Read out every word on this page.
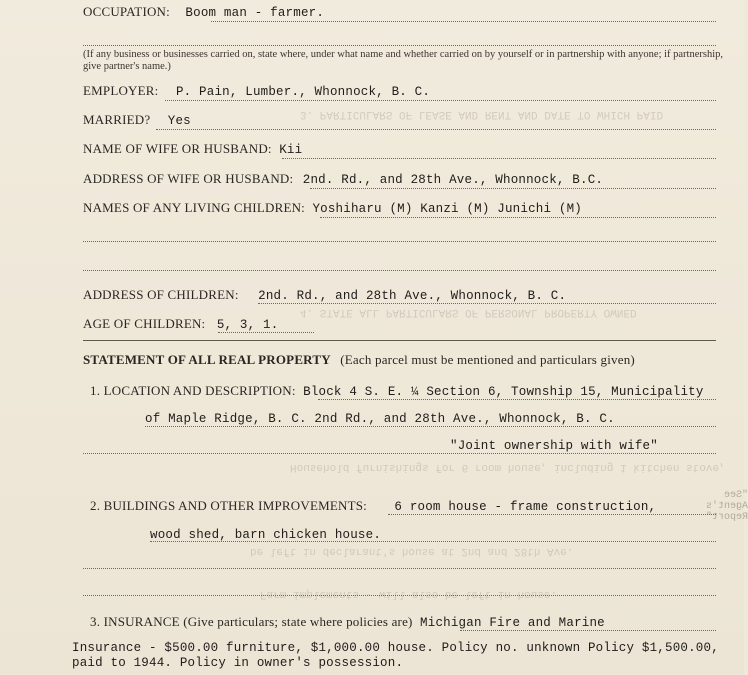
3. PARTICULARS OF LEASE AND RENT AND DATE TO WHICH PAID
4. STATE ALL PARTICULARS OF PERSONAL PROPERTY OWNED
Household furnishings for 6 room house, including 1 kitchen stove,
be left in declarant's house at 2nd and 28th Ave.
Farm implements - will also be left in house.
"See
Agent's
Report"
OCCUPATION: Boom man - farmer.
(If any business or businesses carried on, state where, under what name and whether carried on by yourself or in partnership with anyone; if partnership, give partner's name.)
EMPLOYER: P. Pain, Lumber., Whonnock, B. C.
MARRIED? Yes
NAME OF WIFE OR HUSBAND: Kii
ADDRESS OF WIFE OR HUSBAND: 2nd. Rd., and 28th Ave., Whonnock, B.C.
NAMES OF ANY LIVING CHILDREN: Yoshiharu (M) Kanzi (M) Junichi (M)
ADDRESS OF CHILDREN: 2nd. Rd., and 28th Ave., Whonnock, B. C.
AGE OF CHILDREN: 5, 3, 1.
STATEMENT OF ALL REAL PROPERTY (Each parcel must be mentioned and particulars given)
1. LOCATION AND DESCRIPTION: Block 4 S. E. ¼ Section 6, Township 15, Municipality
of Maple Ridge, B. C. 2nd Rd., and 28th Ave., Whonnock, B. C.
"Joint ownership with wife"
2. BUILDINGS AND OTHER IMPROVEMENTS: 6 room house - frame construction,
wood shed, barn chicken house.
3. INSURANCE (Give particulars; state where policies are) Michigan Fire and Marine
Insurance - $500.00 furniture, $1,000.00 house. Policy no. unknown Policy $1,500.00,
paid to 1944. Policy in owner's possession.
